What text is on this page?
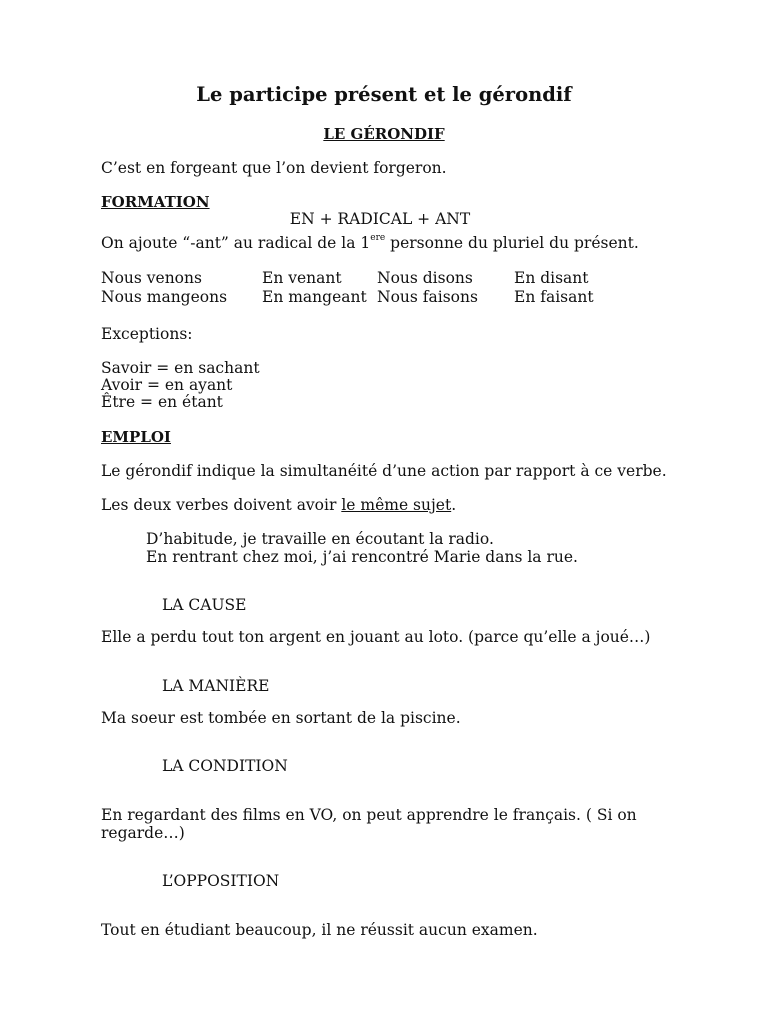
Le participe présent et le gérondif
LE GÉRONDIF
C’est en forgeant que l’on devient forgeron.
FORMATION
EN + RADICAL + ANT
On ajoute “-ant” au radical de la 1ere personne du pluriel du présent.
Nous venons	En venant Nous disons	En disant
Nous mangeons En mangeant Nous faisons En faisant
Exceptions:
Savoir = en sachant
Avoir = en ayant
Être = en étant
EMPLOI
Le gérondif indique la simultanéité d’une action par rapport à ce verbe.
Les deux verbes doivent avoir le même sujet.
D’habitude, je travaille en écoutant la radio.
En rentrant chez moi, j’ai rencontré Marie dans la rue.
LA CAUSE
Elle a perdu tout ton argent en jouant au loto. (parce qu’elle a joué…)
LA MANIÈRE
Ma soeur est tombée en sortant de la piscine.
LA CONDITION
En regardant des films en VO, on peut apprendre le français. ( Si on
regarde…)
L’OPPOSITION
Tout en étudiant beaucoup, il ne réussit aucun examen.
